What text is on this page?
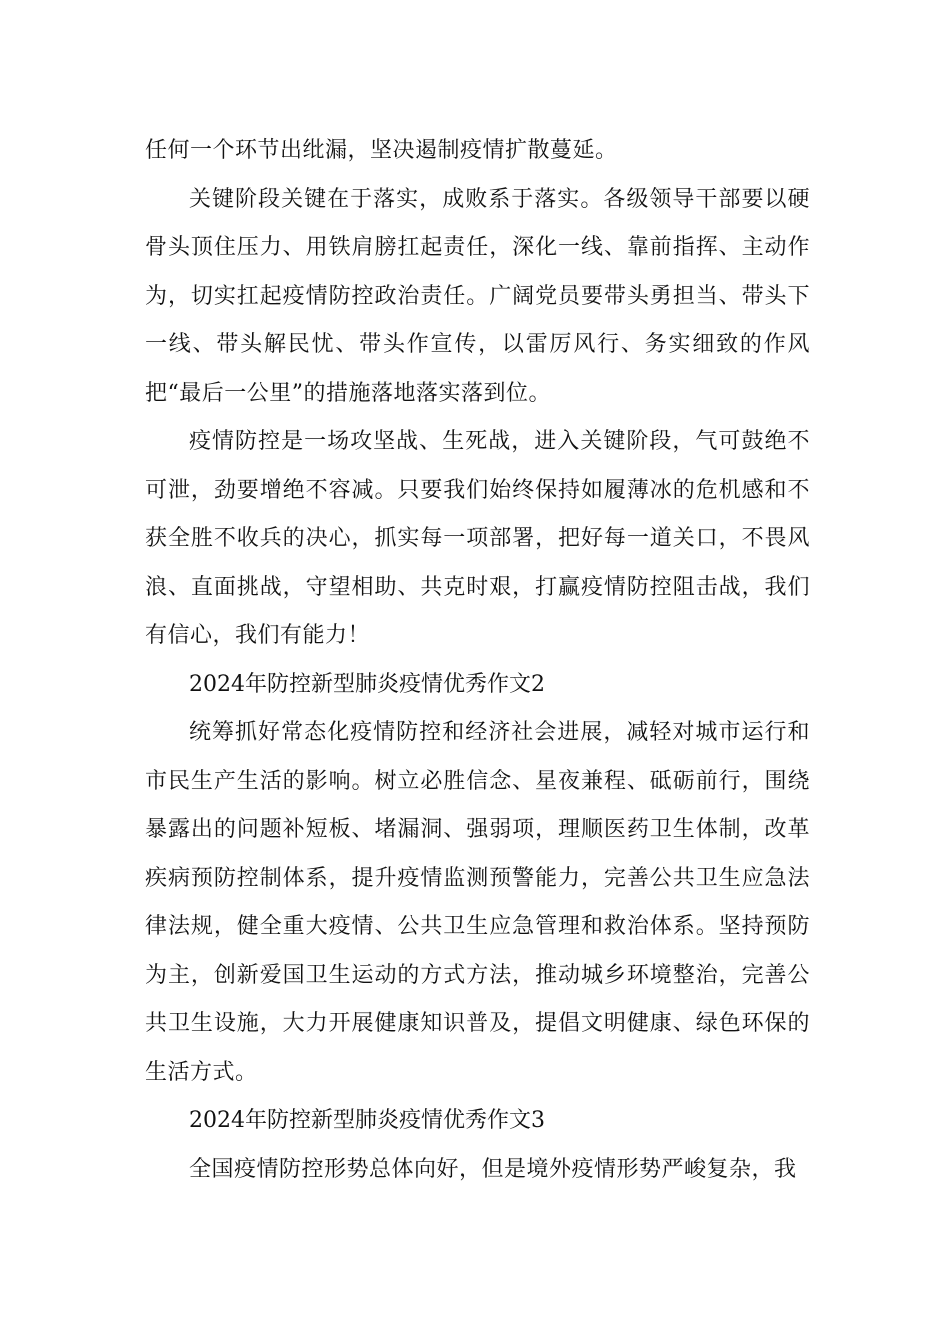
任何一个环节出纰漏，坚决遏制疫情扩散蔓延。

关键阶段关键在于落实，成败系于落实。各级领导干部要以硬骨头顶住压力、用铁肩膀扛起责任，深化一线、靠前指挥、主动作为，切实扛起疫情防控政治责任。广阔党员要带头勇担当、带头下一线、带头解民忧、带头作宣传，以雷厉风行、务实细致的作风把“最后一公里”的措施落地落实落到位。

疫情防控是一场攻坚战、生死战，进入关键阶段，气可鼓绝不可泄，劲要增绝不容减。只要我们始终保持如履薄冰的危机感和不获全胜不收兵的决心，抓实每一项部署，把好每一道关口，不畏风浪、直面挑战，守望相助、共克时艰，打赢疫情防控阻击战，我们有信心，我们有能力！

2024年防控新型肺炎疫情优秀作文2

统筹抓好常态化疫情防控和经济社会进展，减轻对城市运行和市民生产生活的影响。树立必胜信念、星夜兼程、砥砺前行，围绕暴露出的问题补短板、堵漏洞、强弱项，理顺医药卫生体制，改革疾病预防控制体系，提升疫情监测预警能力，完善公共卫生应急法律法规，健全重大疫情、公共卫生应急管理和救治体系。坚持预防为主，创新爱国卫生运动的方式方法，推动城乡环境整治，完善公共卫生设施，大力开展健康知识普及，提倡文明健康、绿色环保的生活方式。

2024年防控新型肺炎疫情优秀作文3

全国疫情防控形势总体向好，但是境外疫情形势严峻复杂，我
